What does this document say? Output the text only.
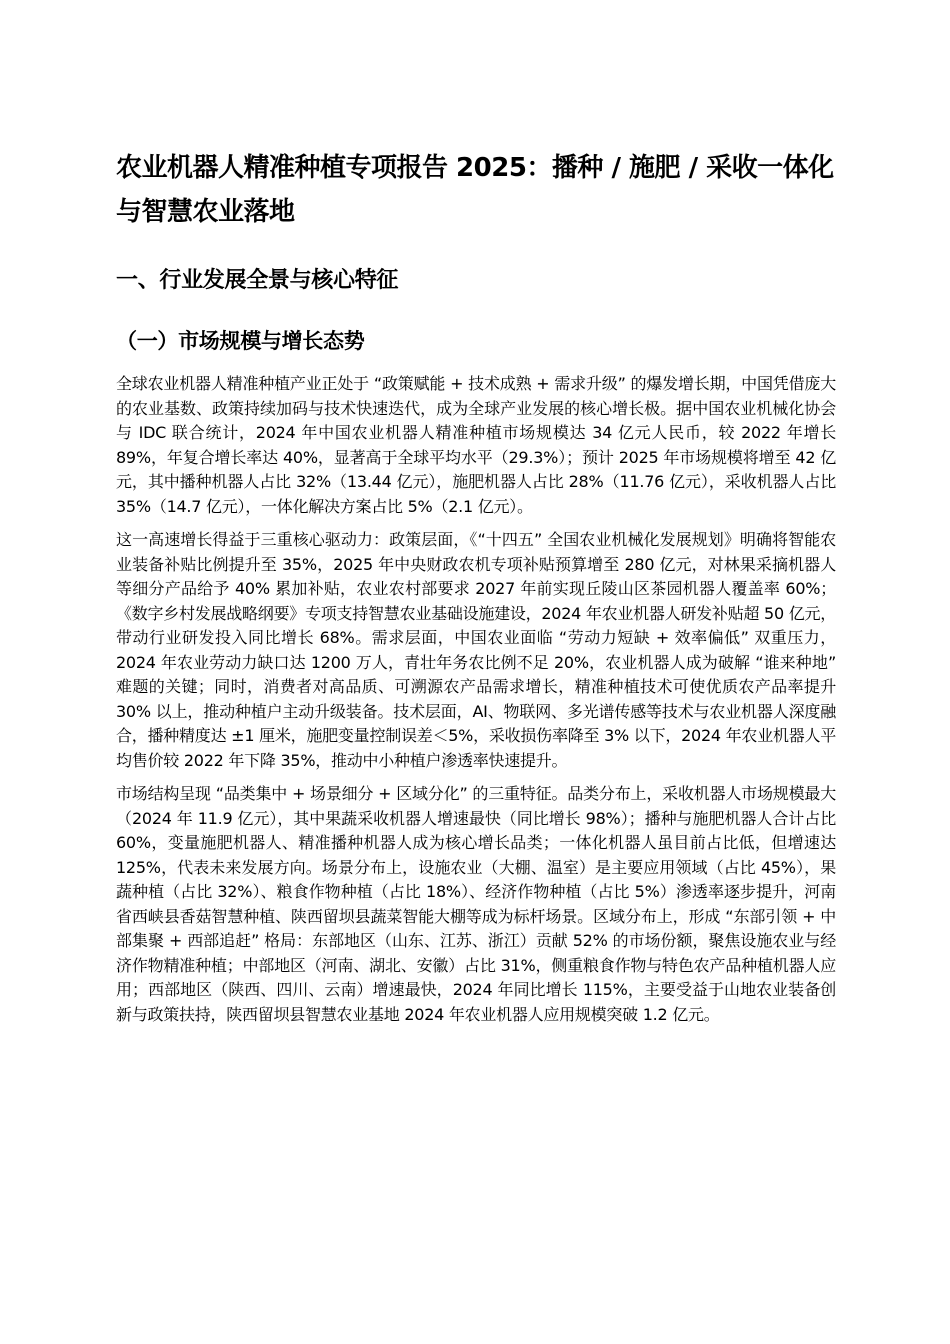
农业机器人精准种植专项报告 2025：播种 / 施肥 / 采收一体化与智慧农业落地
一、行业发展全景与核心特征
（一）市场规模与增长态势

全球农业机器人精准种植产业正处于 “政策赋能 + 技术成熟 + 需求升级” 的爆发增长期，中国凭借庞大的农业基数、政策持续加码与技术快速迭代，成为全球产业发展的核心增长极。据中国农业机械化协会与 IDC 联合统计，2024 年中国农业机器人精准种植市场规模达 34 亿元人民币，较 2022 年增长 89%，年复合增长率达 40%，显著高于全球平均水平（29.3%）；预计 2025 年市场规模将增至 42 亿元，其中播种机器人占比 32%（13.44 亿元），施肥机器人占比 28%（11.76 亿元），采收机器人占比 35%（14.7 亿元），一体化解决方案占比 5%（2.1 亿元）。

这一高速增长得益于三重核心驱动力：政策层面，《“十四五” 全国农业机械化发展规划》明确将智能农业装备补贴比例提升至 35%，2025 年中央财政农机专项补贴预算增至 280 亿元，对林果采摘机器人等细分产品给予 40% 累加补贴，农业农村部要求 2027 年前实现丘陵山区茶园机器人覆盖率 60%；《数字乡村发展战略纲要》专项支持智慧农业基础设施建设，2024 年农业机器人研发补贴超 50 亿元，带动行业研发投入同比增长 68%。需求层面，中国农业面临 “劳动力短缺 + 效率偏低” 双重压力，2024 年农业劳动力缺口达 1200 万人，青壮年务农比例不足 20%，农业机器人成为破解 “谁来种地” 难题的关键；同时，消费者对高品质、可溯源农产品需求增长，精准种植技术可使优质农产品率提升 30% 以上，推动种植户主动升级装备。技术层面，AI、物联网、多光谱传感等技术与农业机器人深度融合，播种精度达 ±1 厘米，施肥变量控制误差＜5%，采收损伤率降至 3% 以下，2024 年农业机器人平均售价较 2022 年下降 35%，推动中小种植户渗透率快速提升。

市场结构呈现 “品类集中 + 场景细分 + 区域分化” 的三重特征。品类分布上，采收机器人市场规模最大（2024 年 11.9 亿元），其中果蔬采收机器人增速最快（同比增长 98%）；播种与施肥机器人合计占比 60%，变量施肥机器人、精准播种机器人成为核心增长品类；一体化机器人虽目前占比低，但增速达 125%，代表未来发展方向。场景分布上，设施农业（大棚、温室）是主要应用领域（占比 45%），果蔬种植（占比 32%）、粮食作物种植（占比 18%）、经济作物种植（占比 5%）渗透率逐步提升，河南省西峡县香菇智慧种植、陕西留坝县蔬菜智能大棚等成为标杆场景。区域分布上，形成 “东部引领 + 中部集聚 + 西部追赶” 格局：东部地区（山东、江苏、浙江）贡献 52% 的市场份额，聚焦设施农业与经济作物精准种植；中部地区（河南、湖北、安徽）占比 31%，侧重粮食作物与特色农产品种植机器人应用；西部地区（陕西、四川、云南）增速最快，2024 年同比增长 115%，主要受益于山地农业装备创新与政策扶持，陕西留坝县智慧农业基地 2024 年农业机器人应用规模突破 1.2 亿元。
